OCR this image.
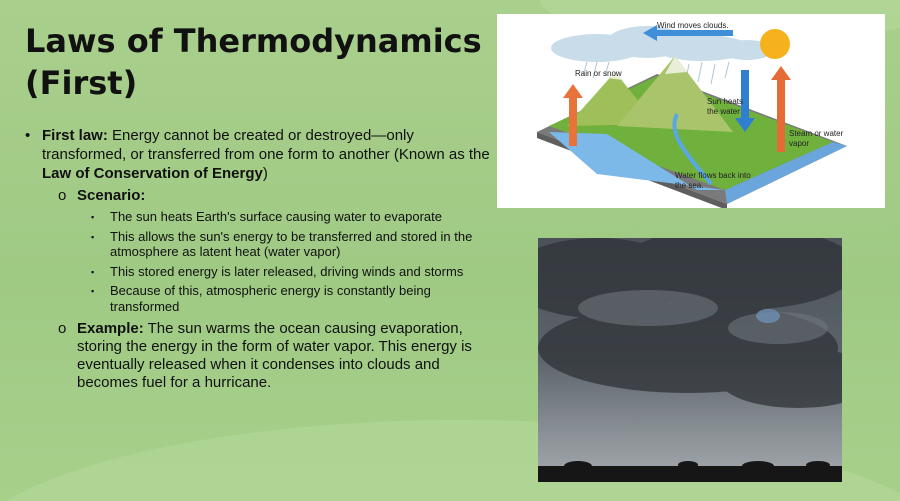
Laws of Thermodynamics (First)
• First law: Energy cannot be created or destroyed—only transformed, or transferred from one form to another (Known as the Law of Conservation of Energy)
o Scenario:
▪ The sun heats Earth's surface causing water to evaporate
▪ This allows the sun's energy to be transferred and stored in the atmosphere as latent heat (water vapor)
▪ This stored energy is later released, driving winds and storms
▪ Because of this, atmospheric energy is constantly being transformed
o Example: The sun warms the ocean causing evaporation, storing the energy in the form of water vapor. This energy is eventually released when it condenses into clouds and becomes fuel for a hurricane.
Wind moves clouds.
Rain or snow
Sun heats
the water
Steam or water
vapor
Water flows back into
the sea.
